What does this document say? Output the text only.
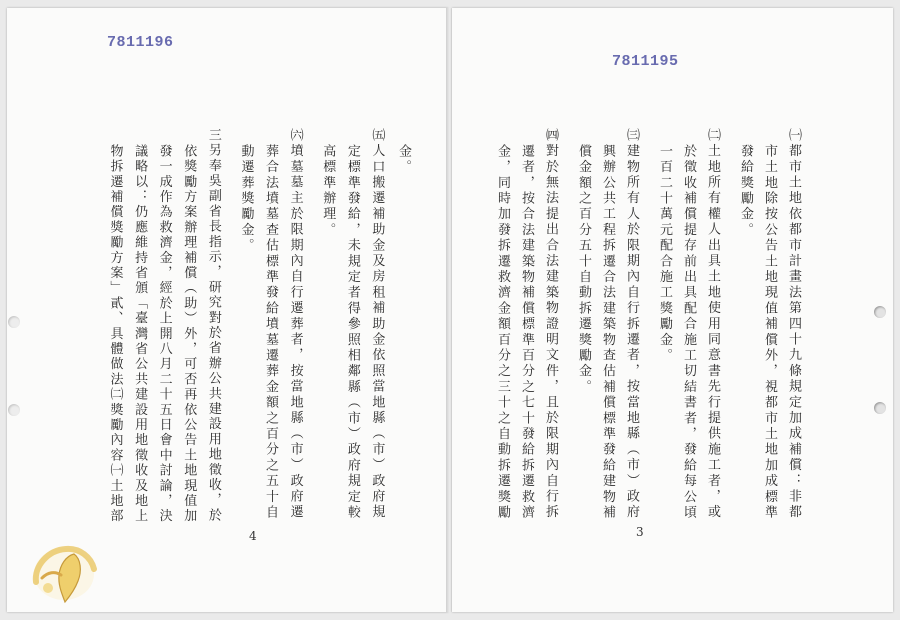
7811196
金。
㈤人口搬遷補助金及房租補助金依照當地縣（市）政府規
定標準發給，未規定者得參照相鄰縣（市）政府規定較
高標準辦理。
㈥墳墓墓主於限期內自行遷葬者，按當地縣（市）政府遷
葬合法墳墓查估標準發給墳墓遷葬金額之百分之五十自
動遷葬獎勵金。
三另奉吳副省長指示，研究對於省辦公共建設用地徵收，於
依獎勵方案辦理補償（助）外，可否再依公告土地現值加
發一成作為救濟金，經於上開八月二十五日會中討論，決
議略以：仍應維持省頒「臺灣省公共建設用地徵收及地上
物拆遷補償獎勵方案」貳、具體做法㈡獎勵內容㈠土地部
4
7811195
㈠都市土地依都市計畫法第四十九條規定加成補償：非都
市土地除按公告土地現值補償外，視都市土地加成標準
發給獎勵金。
㈡土地所有權人出具土地使用同意書先行提供施工者，或
於徵收補償提存前出具配合施工切結書者，發給每公頃
一百二十萬元配合施工獎勵金。
㈢建物所有人於限期內自行拆遷者，按當地縣（市）政府
興辦公共工程拆遷合法建築物查估補償標準發給建物補
償金額之百分五十自動拆遷獎勵金。
㈣對於無法提出合法建築物證明文件，且於限期內自行拆
遷者，按合法建築物補償標準百分之七十發給拆遷救濟
金，同時加發拆遷救濟金額百分之三十之自動拆遷獎勵
3
